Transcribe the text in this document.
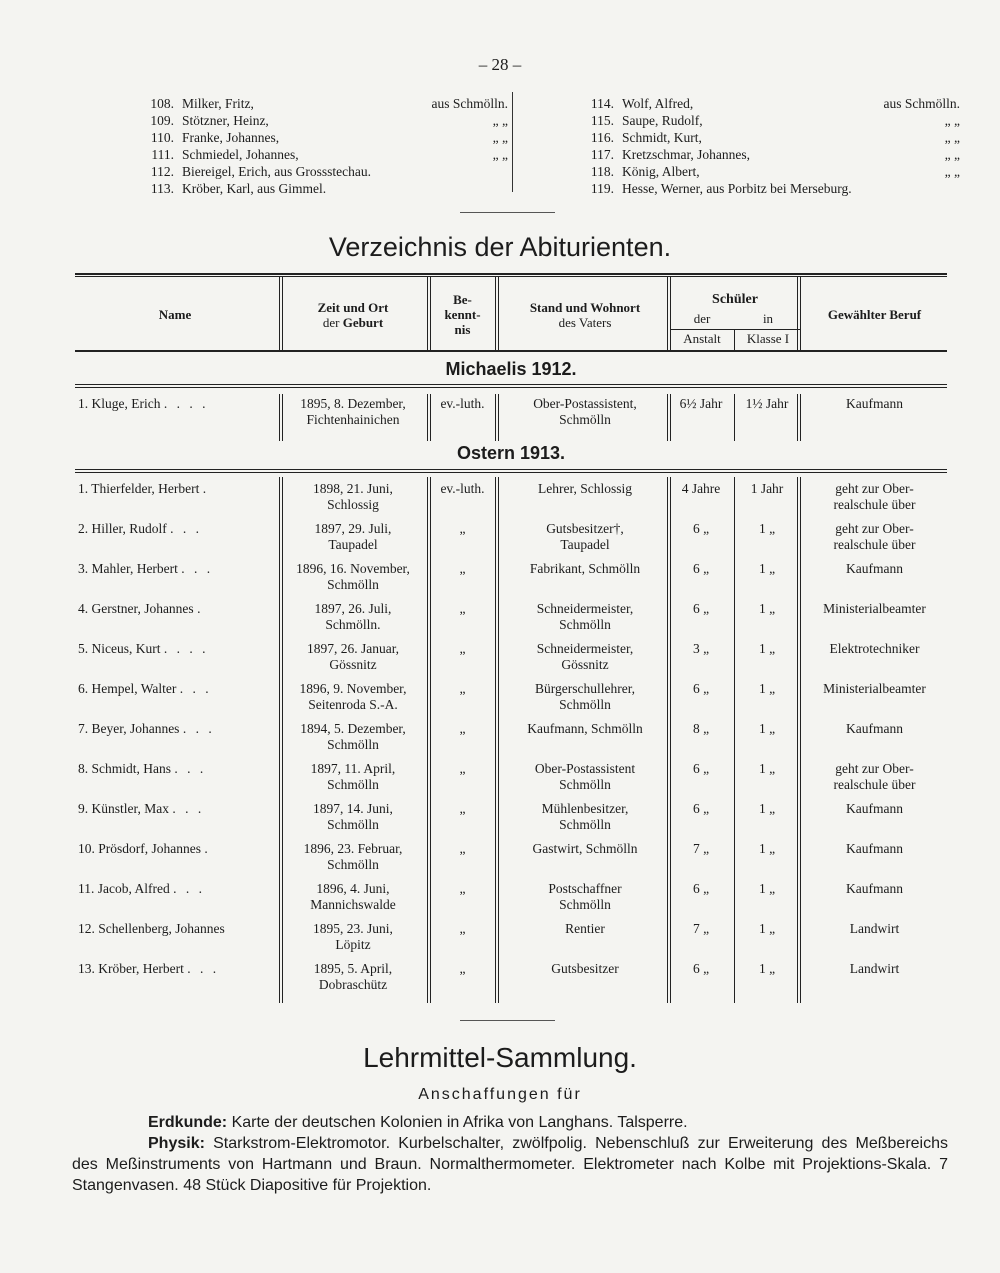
– 28 –
108. Milker, Fritz,	aus Schmölln.
109. Stötzner, Heinz,	„ „
110. Franke, Johannes,	„ „
111. Schmiedel, Johannes,	„ „
112. Biereigel, Erich, aus Grossstechau.
113. Kröber, Karl, aus Gimmel.
114. Wolf, Alfred,	aus Schmölln.
115. Saupe, Rudolf,	„ „
116. Schmidt, Kurt,	„ „
117. Kretzschmar, Johannes,	„ „
118. König, Albert,	„ „
119. Hesse, Werner, aus Porbitz bei Merseburg.
Verzeichnis der Abiturienten.
Name	Zeit und Ort
der Geburt
Be-
kennt-
nis
Stand und Wohnort
des Vaters
Schüler
der	in
Anstalt	Klasse I
Gewählter Beruf
Michaelis 1912.
1. Kluge, Erich . . . .	1895, 8. Dezember,
Fichtenhainichen
ev.-luth.	Ober-Postassistent,
Schmölln
6½ Jahr	1½ Jahr	Kaufmann
Ostern 1913.
1. Thierfelder, Herbert .	1898, 21. Juni,
Schlossig
ev.-luth.	Lehrer, Schlossig	4 Jahre	1 Jahr	geht zur Ober-
realschule über
2. Hiller, Rudolf . . .	1897, 29. Juli,
Taupadel
„	Gutsbesitzer†,
Taupadel
6 „	1 „	geht zur Ober-
realschule über
3. Mahler, Herbert . . .	1896, 16. November,
Schmölln
„	Fabrikant, Schmölln	6 „	1 „	Kaufmann
4. Gerstner, Johannes .	1897, 26. Juli,
Schmölln.
„	Schneidermeister,
Schmölln
6 „	1 „	Ministerialbeamter
5. Niceus, Kurt . . . .	1897, 26. Januar,
Gössnitz
„	Schneidermeister,
Gössnitz
3 „	1 „	Elektrotechniker
6. Hempel, Walter . . .	1896, 9. November,
Seitenroda S.-A.
„	Bürgerschullehrer,
Schmölln
6 „	1 „	Ministerialbeamter
7. Beyer, Johannes . . .	1894, 5. Dezember,
Schmölln
„	Kaufmann, Schmölln	8 „	1 „	Kaufmann
8. Schmidt, Hans . . .	1897, 11. April,
Schmölln
„	Ober-Postassistent
Schmölln
6 „	1 „	geht zur Ober-
realschule über
9. Künstler, Max . . .	1897, 14. Juni,
Schmölln
„	Mühlenbesitzer,
Schmölln
6 „	1 „	Kaufmann
10. Prösdorf, Johannes .	1896, 23. Februar,
Schmölln
„	Gastwirt, Schmölln	7 „	1 „	Kaufmann
11. Jacob, Alfred . . .	1896, 4. Juni,
Mannichswalde
„	Postschaffner
Schmölln
6 „	1 „	Kaufmann
12. Schellenberg, Johannes	1895, 23. Juni,
Löpitz
„	Rentier	7 „	1 „	Landwirt
13. Kröber, Herbert . . .	1895, 5. April,
Dobraschütz
„	Gutsbesitzer	6 „	1 „	Landwirt
Lehrmittel-Sammlung.
Anschaffungen für

Erdkunde: Karte der deutschen Kolonien in Afrika von Langhans. Talsperre.

Physik: Starkstrom-Elektromotor. Kurbelschalter, zwölfpolig. Nebenschluß zur Erweiterung des Meßbereichs des Meßinstruments von Hartmann und Braun. Normalthermometer. Elektrometer nach Kolbe mit Projektions-Skala. 7 Stangenvasen. 48 Stück Diapositive für Projektion.
